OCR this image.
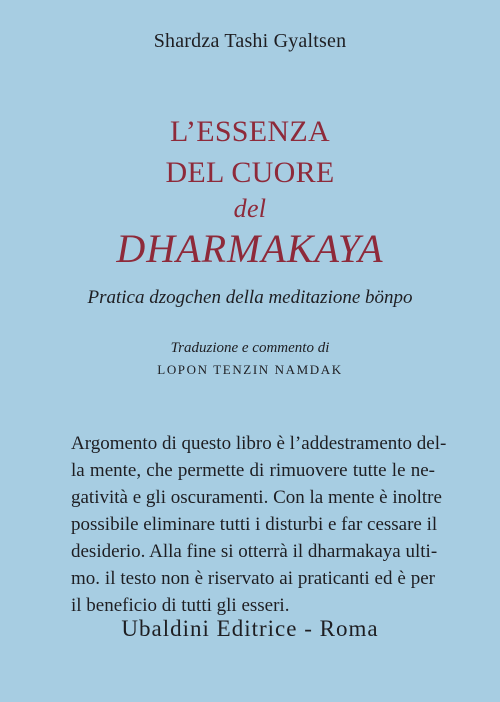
Shardza Tashi Gyaltsen
L’ESSENZA
DEL CUORE
del
DHARMAKAYA
Pratica dzogchen della meditazione bönpo
Traduzione e commento di
LOPON TENZIN NAMDAK
Argomento di questo libro è l’addestramento del-
la mente, che permette di rimuovere tutte le ne-
gatività e gli oscuramenti. Con la mente è inoltre
possibile eliminare tutti i disturbi e far cessare il
desiderio. Alla fine si otterrà il dharmakaya ulti-
mo. il testo non è riservato ai praticanti ed è per
il beneficio di tutti gli esseri.
Ubaldini Editrice - Roma
